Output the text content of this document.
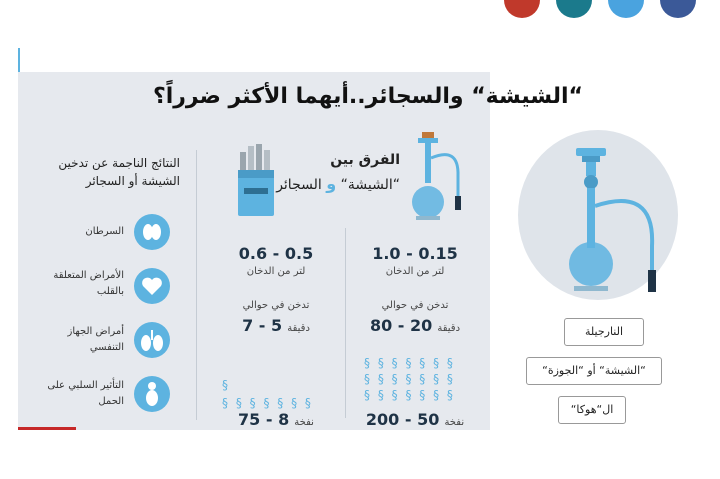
“الشيشة“ والسجائر..أيهما الأكثر ضرراً؟
النتائج الناجمة عن تدخين
الشيشة أو السجائر
السرطان
الأمراض المتعلقة
بالقلب
أمراض الجهاز
التنفسي
التأثير السلبي على
الحمل
الفرق بين
“الشيشة“ و السجائر
0.5 - 0.6
لتر من الدخان
تدخن في حوالي
دقيقة 5 - 7
§
§ § § § § § §
نفخة 8 - 75
0.15 - 1.0
لتر من الدخان
تدخن في حوالي
دقيقة 20 - 80
§ § § § § § §
§ § § § § § §
§ § § § § § §
نفخة 50 - 200
النارجيلة
“الشيشة“ أو “الجوزة“
ال“هوكا“
